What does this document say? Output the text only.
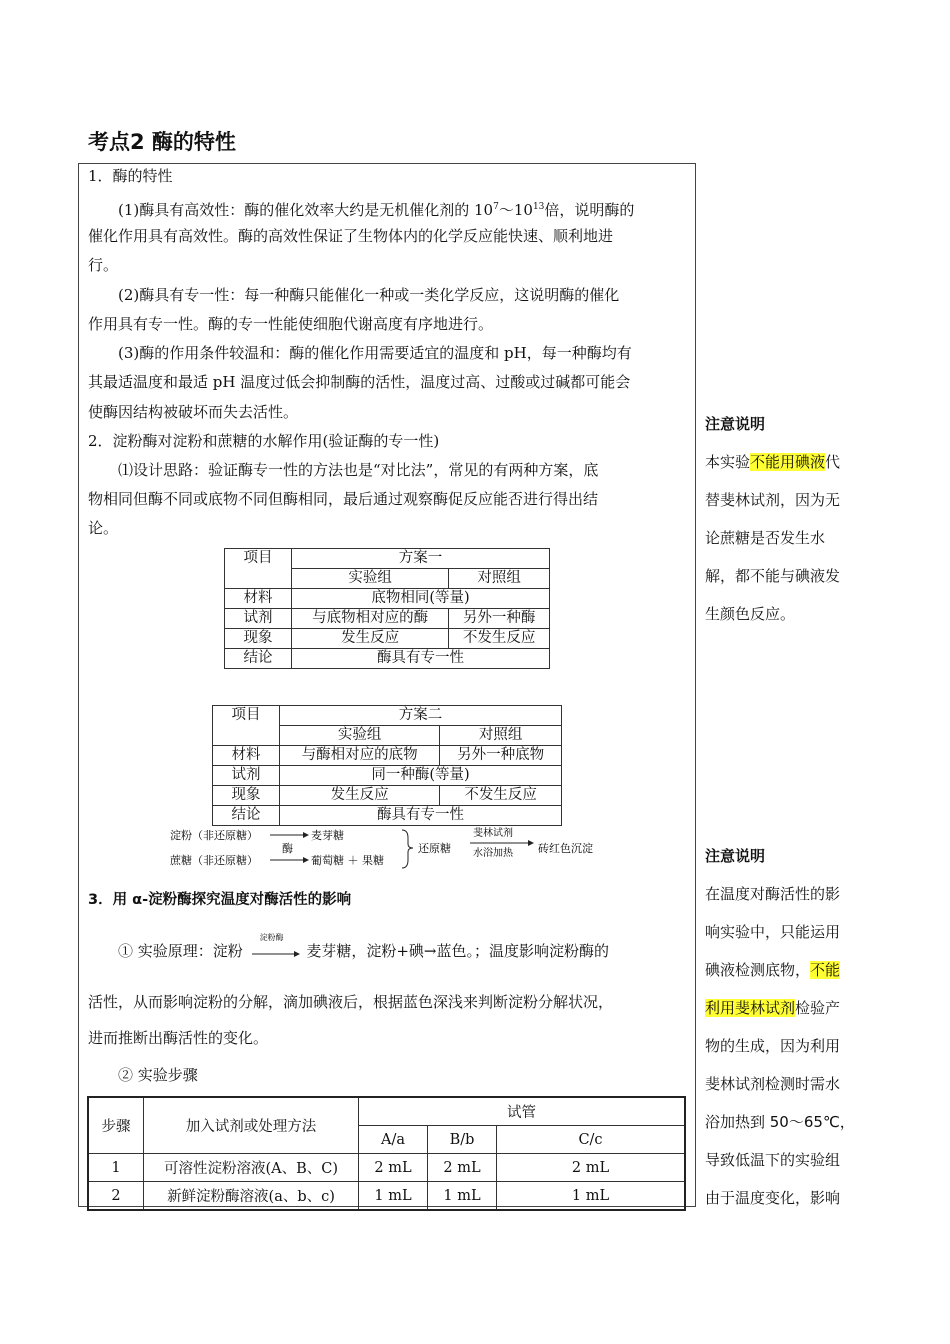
考点2 酶的特性
1．酶的特性
(1)酶具有高效性：酶的催化效率大约是无机催化剂的 $10^7\sim 10^{13}$倍，说明酶的

催化作用具有高效性。酶的高效性保证了生物体内的化学反应能快速、顺利地进
行。
(2)酶具有专一性：每一种酶只能催化一种或一类化学反应，这说明酶的催化
作用具有专一性。酶的专一性能使细胞代谢高度有序地进行。
(3)酶的作用条件较温和：酶的催化作用需要适宜的温度和 pH，每一种酶均有
其最适温度和最适 pH 温度过低会抑制酶的活性，温度过高、过酸或过碱都可能会
使酶因结构被破坏而失去活性。
2．淀粉酶对淀粉和蔗糖的水解作用(验证酶的专一性)
⑴设计思路：验证酶专一性的方法也是“对比法”，常见的有两种方案，底
物相同但酶不同或底物不同但酶相同，最后通过观察酶促反应能否进行得出结
论。
项目	方案一	
	实验组	对照组
材料	底物相同(等量)	
试剂	与底物相对应的酶	另外一种酶
现象	发生反应	不发生反应
结论	酶具有专一性	
项目	方案二	
	实验组	对照组
材料	与酶相对应的底物	另外一种底物
试剂	同一种酶(等量)	
现象	发生反应	不发生反应
结论	酶具有专一性	
淀粉（非还原糖）	麦芽糖
酶
蔗糖（非还原糖）	葡萄糖 ＋ 果糖
还原糖
斐林试剂
水浴加热 砖红色沉淀
3．用 α-淀粉酶探究温度对酶活性的影响
① 实验原理：淀粉
淀粉酶
麦芽糖，淀粉+碘→蓝色。；温度影响淀粉酶的
活性，从而影响淀粉的分解，滴加碘液后，根据蓝色深浅来判断淀粉分解状况，
进而推断出酶活性的变化。
② 实验步骤
步骤	加入试剂或处理方法	试管		
		A/a	B/b	C/c
1	可溶性淀粉溶液(A、B、C)	2 mL	2 mL	2 mL
2	新鲜淀粉酶溶液(a、b、c)	1 mL	1 mL	1 mL
注意说明
本实验不能用碘液代
替斐林试剂，因为无
论蔗糖是否发生水
解，都不能与碘液发
生颜色反应。
注意说明
在温度对酶活性的影
响实验中，只能运用
碘液检测底物，不能
利用斐林试剂检验产
物的生成，因为利用
斐林试剂检测时需水
浴加热到 50～65℃，
导致低温下的实验组
由于温度变化，影响
